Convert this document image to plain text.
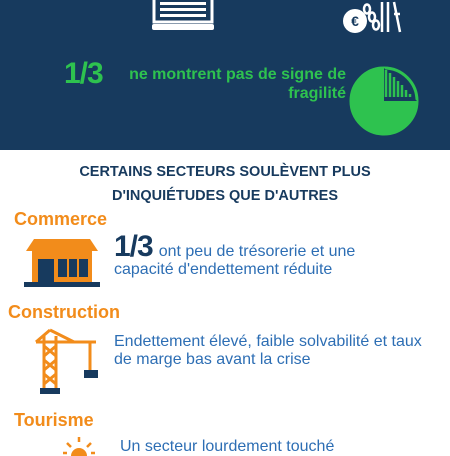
€
1/3	ne montrent pas de signe de fragilité
CERTAINS SECTEURS SOULÈVENT PLUS
D'INQUIÉTUDES QUE D'AUTRES
Commerce
1/3 ont peu de trésorerie et une capacité d'endettement réduite
Construction
Endettement élevé, faible solvabilité et taux de marge bas avant la crise
Tourisme
Un secteur lourdement touché
